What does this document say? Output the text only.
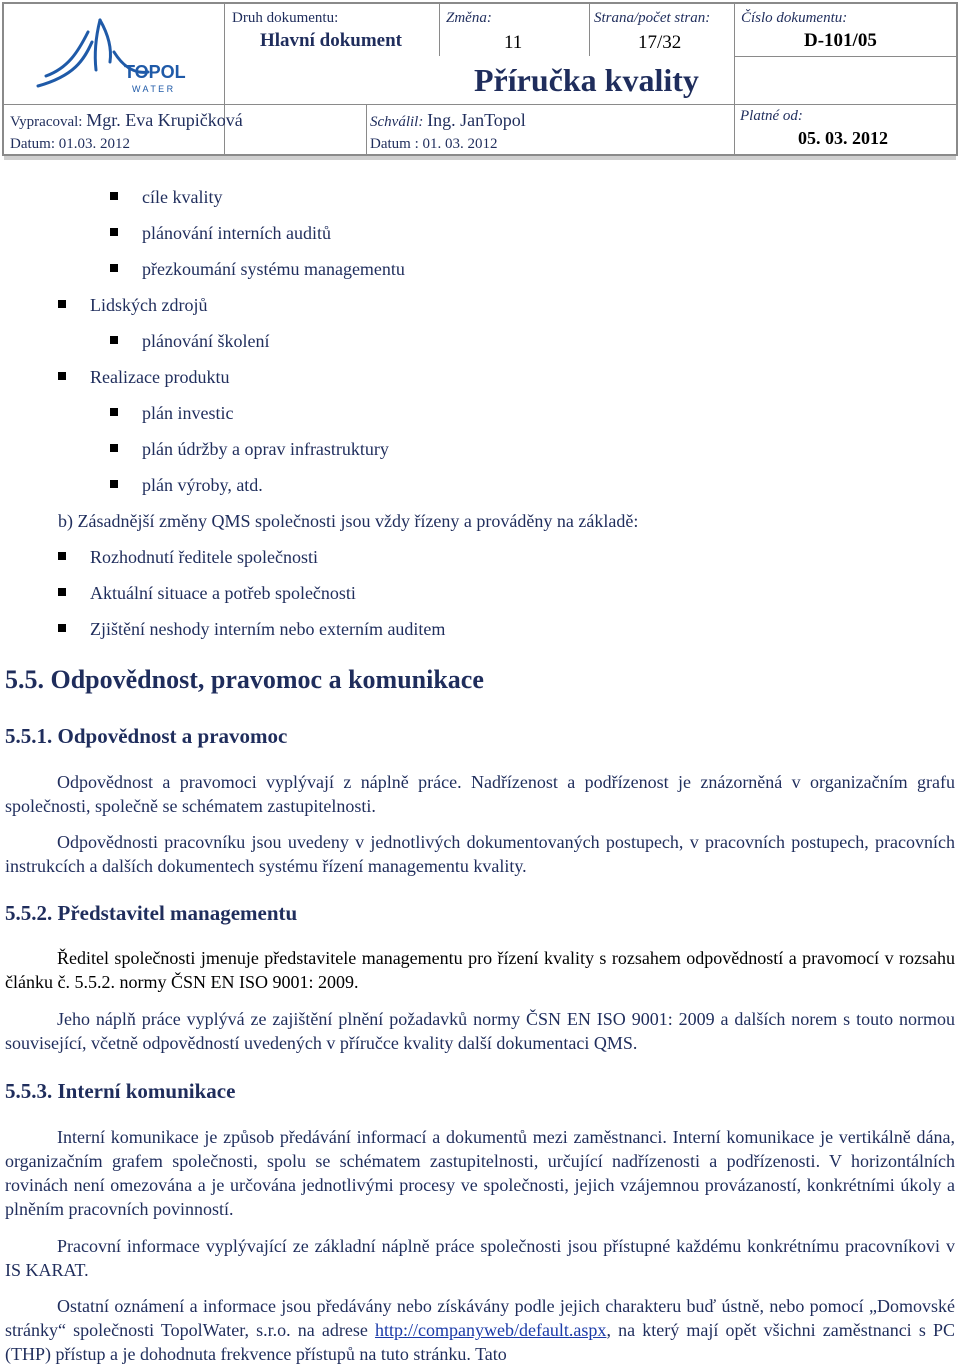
TOPOL
W A T E R
Druh dokumentu:
Hlavní dokument
Změna:
11
Strana/počet stran:
17/32
Číslo dokumentu:
D-101/05
Příručka kvality
Vypracoval: Mgr. Eva Krupičková
Datum: 01.03. 2012
Schválil: Ing. JanTopol
Datum : 01. 03. 2012
Platné od:
05. 03. 2012
cíle kvality
plánování interních auditů
přezkoumání systému managementu
Lidských zdrojů
plánování školení
Realizace produktu
plán investic
plán údržby a oprav infrastruktury
plán výroby, atd.
b) Zásadnější změny QMS společnosti jsou vždy řízeny a prováděny na základě:
Rozhodnutí ředitele společnosti
Aktuální situace a potřeb společnosti
Zjištění neshody interním nebo externím auditem
5.5. Odpovědnost, pravomoc a komunikace
5.5.1. Odpovědnost a pravomoc

Odpovědnost a pravomoci vyplývají z náplně práce. Nadřízenost a podřízenost je znázorněná v organizačním grafu společnosti, společně se schématem zastupitelnosti.

Odpovědnosti pracovníku jsou uvedeny v jednotlivých dokumentovaných postupech, v pracovních postupech, pracovních instrukcích a dalších dokumentech systému řízení managementu kvality.

5.5.2. Představitel managementu

Ředitel společnosti jmenuje představitele managementu pro řízení kvality s rozsahem odpovědností a pravomocí v rozsahu článku č. 5.5.2. normy ČSN EN ISO 9001: 2009.

Jeho náplň práce vyplývá ze zajištění plnění požadavků normy ČSN EN ISO 9001: 2009 a dalších norem s touto normou související, včetně odpovědností uvedených v příručce kvality další dokumentaci QMS.

5.5.3. Interní komunikace

Interní komunikace je způsob předávání informací a dokumentů mezi zaměstnanci. Interní komunikace je vertikálně dána, organizačním grafem společnosti, spolu se schématem zastupitelnosti, určující nadřízenosti a podřízenosti. V horizontálních rovinách není omezována a je určována jednotlivými procesy ve společnosti, jejich vzájemnou provázaností, konkrétními úkoly a plněním pracovních povinností.

Pracovní informace vyplývající ze základní náplně práce společnosti jsou přístupné každému konkrétnímu pracovníkovi v IS KARAT.

Ostatní oznámení a informace jsou předávány nebo získávány podle jejich charakteru buď ústně, nebo pomocí „Domovské stránky“ společnosti TopolWater, s.r.o. na adrese http://companyweb/default.aspx, na který mají opět všichni zaměstnanci s PC (THP) přístup a je dohodnuta frekvence přístupů na tuto stránku. Tato
